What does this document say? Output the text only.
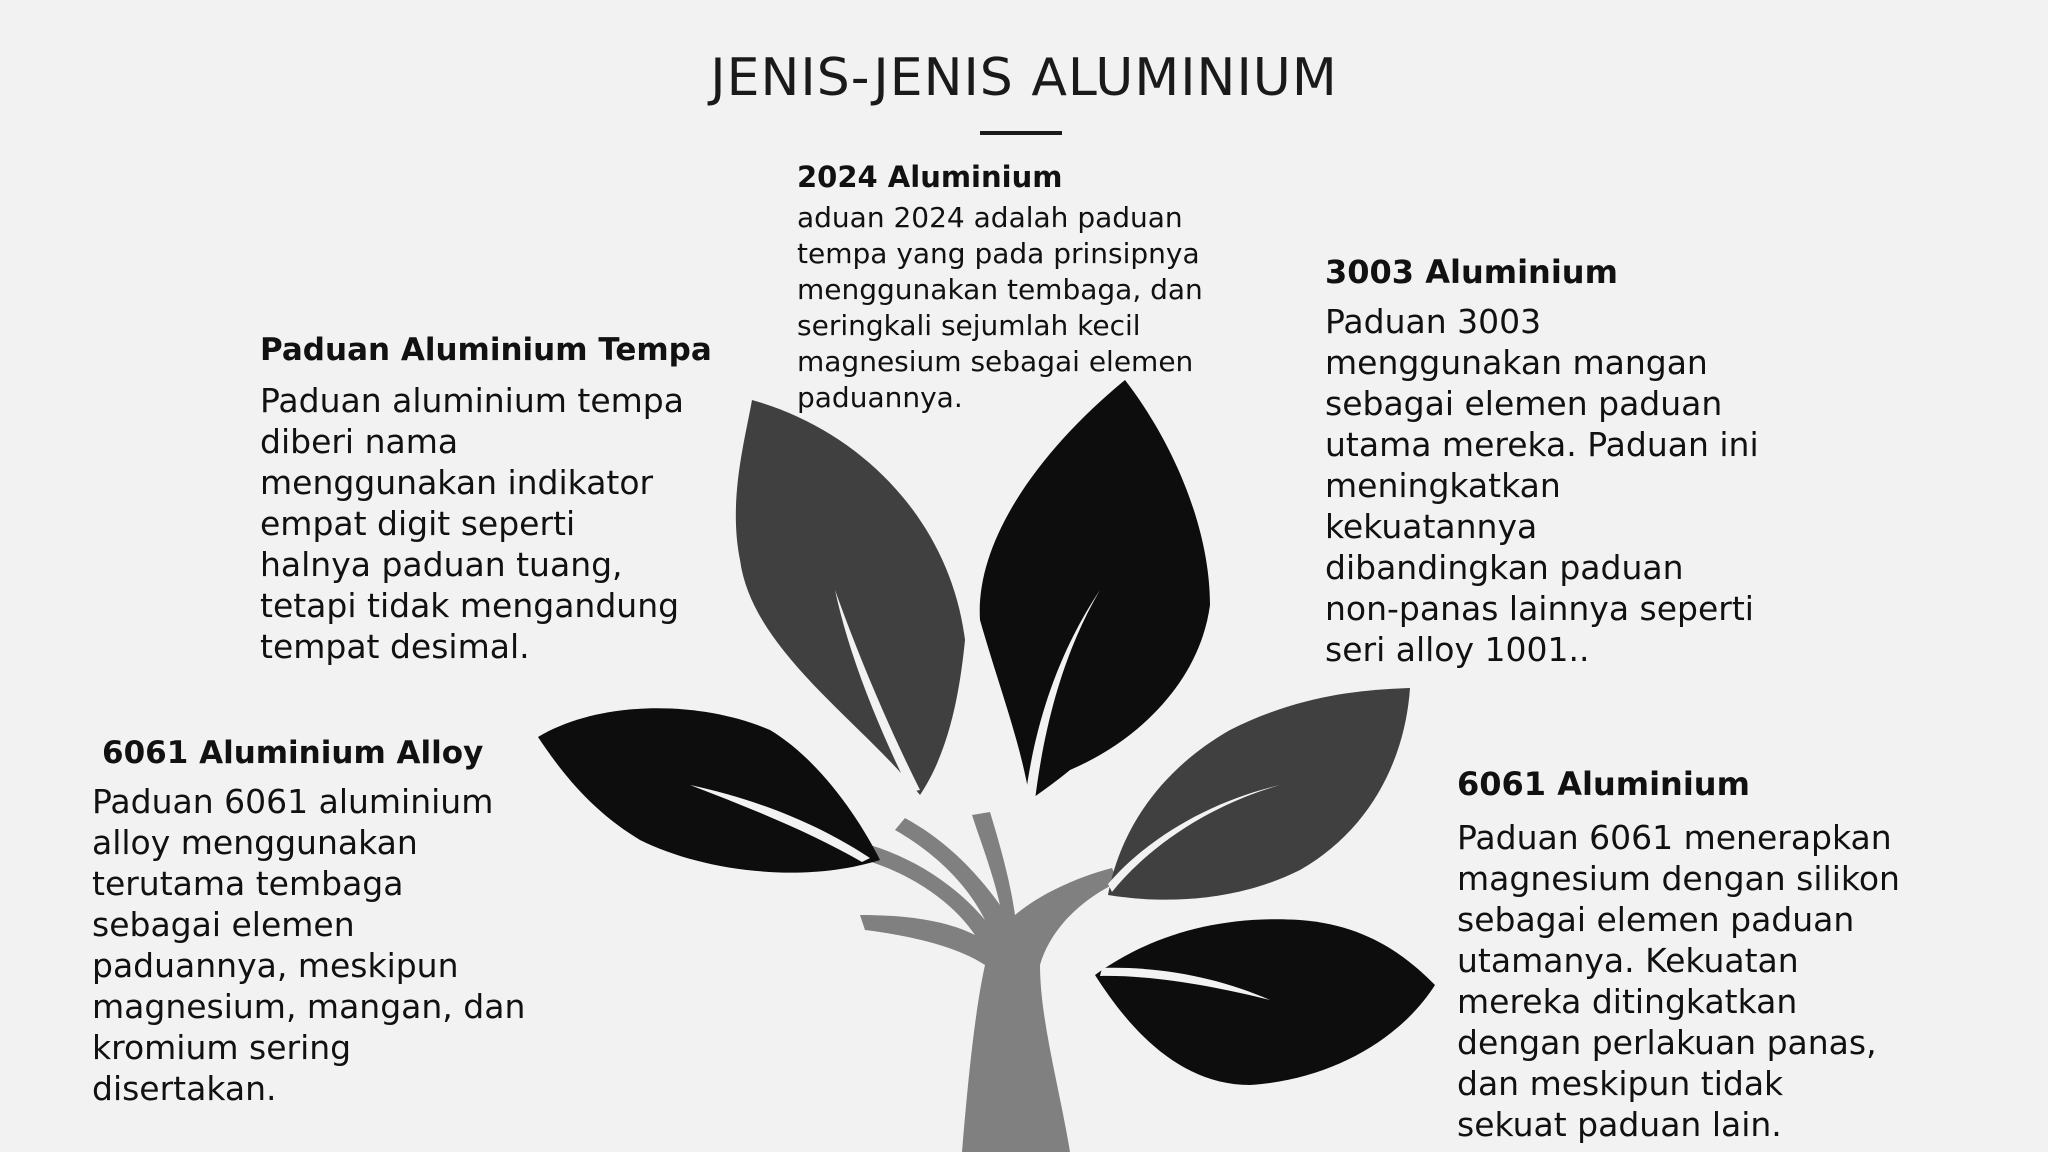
JENIS-JENIS ALUMINIUM
2024 Aluminium
aduan 2024 adalah paduan
tempa yang pada prinsipnya
menggunakan tembaga, dan
seringkali sejumlah kecil
magnesium sebagai elemen
paduannya.
Paduan Aluminium Tempa
Paduan aluminium tempa
diberi nama
menggunakan indikator
empat digit seperti
halnya paduan tuang,
tetapi tidak mengandung
tempat desimal.
3003 Aluminium
Paduan 3003
menggunakan mangan
sebagai elemen paduan
utama mereka. Paduan ini
meningkatkan
kekuatannya
dibandingkan paduan
non-panas lainnya seperti
seri alloy 1001..
6061 Aluminium Alloy
Paduan 6061 aluminium
alloy menggunakan
terutama tembaga
sebagai elemen
paduannya, meskipun
magnesium, mangan, dan
kromium sering
disertakan.
6061 Aluminium
Paduan 6061 menerapkan
magnesium dengan silikon
sebagai elemen paduan
utamanya. Kekuatan
mereka ditingkatkan
dengan perlakuan panas,
dan meskipun tidak
sekuat paduan lain.
